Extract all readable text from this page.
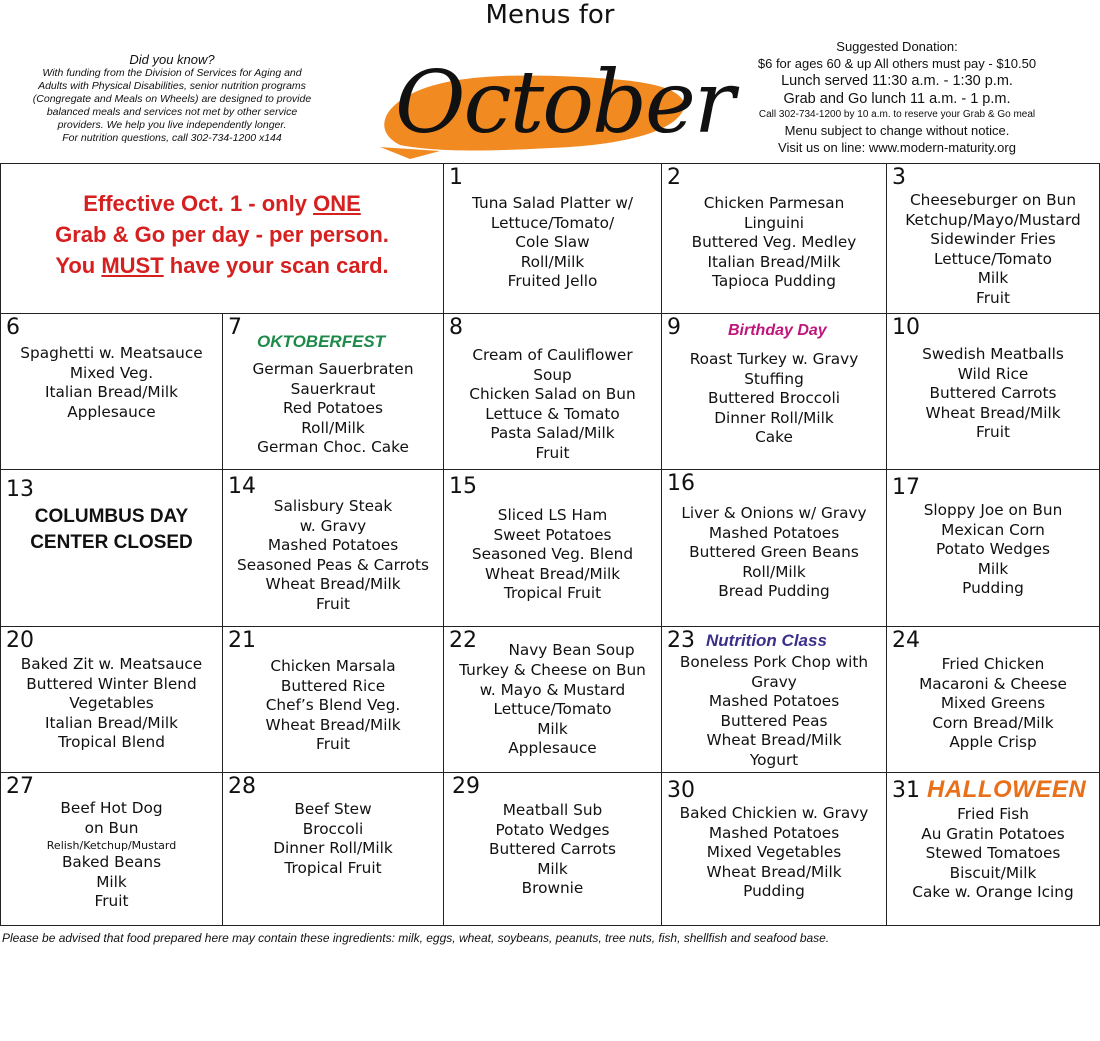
Menus for
October
Did you know?
With funding from the Division of Services for Aging and
Adults with Physical Disabilities, senior nutrition programs
(Congregate and Meals on Wheels) are designed to provide
balanced meals and services not met by other service
providers. We help you live independently longer.
For nutrition questions, call 302-734-1200 x144
Suggested Donation:
$6 for ages 60 & up All others must pay - $10.50
Lunch served 11:30 a.m. - 1:30 p.m.
Grab and Go lunch 11 a.m. - 1 p.m.
Call 302-734-1200 by 10 a.m. to reserve your Grab & Go meal
Menu subject to change without notice.
Visit us on line: www.modern-maturity.org
Effective Oct. 1 - only ONE
Grab & Go per day - per person.
You MUST have your scan card.
1
Tuna Salad Platter w/
Lettuce/Tomato/
Cole Slaw
Roll/Milk
Fruited Jello
2
Chicken Parmesan
Linguini
Buttered Veg. Medley
Italian Bread/Milk
Tapioca Pudding
3
Cheeseburger on Bun
Ketchup/Mayo/Mustard
Sidewinder Fries
Lettuce/Tomato
Milk
Fruit
6
Spaghetti w. Meatsauce
Mixed Veg.
Italian Bread/Milk
Applesauce
7
OKTOBERFEST
German Sauerbraten
Sauerkraut
Red Potatoes
Roll/Milk
German Choc. Cake
8
Cream of Cauliflower
Soup
Chicken Salad on Bun
Lettuce & Tomato
Pasta Salad/Milk
Fruit
9	Birthday Day
Roast Turkey w. Gravy
Stuffing
Buttered Broccoli
Dinner Roll/Milk
Cake
10
Swedish Meatballs
Wild Rice
Buttered Carrots
Wheat Bread/Milk
Fruit
13
COLUMBUS DAY
CENTER CLOSED
14
Salisbury Steak
w. Gravy
Mashed Potatoes
Seasoned Peas & Carrots
Wheat Bread/Milk
Fruit
15
Sliced LS Ham
Sweet Potatoes
Seasoned Veg. Blend
Wheat Bread/Milk
Tropical Fruit
16
Liver & Onions w/ Gravy
Mashed Potatoes
Buttered Green Beans
Roll/Milk
Bread Pudding
17
Sloppy Joe on Bun
Mexican Corn
Potato Wedges
Milk
Pudding
20
Baked Zit w. Meatsauce
Buttered Winter Blend
Vegetables
Italian Bread/Milk
Tropical Blend
21
Chicken Marsala
Buttered Rice
Chef’s Blend Veg.
Wheat Bread/Milk
Fruit
22	Navy Bean Soup
Turkey & Cheese on Bun
w. Mayo & Mustard
Lettuce/Tomato
Milk
Applesauce
23 Nutrition Class
Boneless Pork Chop with
Gravy
Mashed Potatoes
Buttered Peas
Wheat Bread/Milk
Yogurt
24
Fried Chicken
Macaroni & Cheese
Mixed Greens
Corn Bread/Milk
Apple Crisp
27
Beef Hot Dog
on Bun
Relish/Ketchup/Mustard
Baked Beans
Milk
Fruit
28
Beef Stew
Broccoli
Dinner Roll/Milk
Tropical Fruit
29
Meatball Sub
Potato Wedges
Buttered Carrots
Milk
Brownie
30
Baked Chickien w. Gravy
Mashed Potatoes
Mixed Vegetables
Wheat Bread/Milk
Pudding
31 HALLOWEEN
Fried Fish
Au Gratin Potatoes
Stewed Tomatoes
Biscuit/Milk
Cake w. Orange Icing
Please be advised that food prepared here may contain these ingredients: milk, eggs, wheat, soybeans, peanuts, tree nuts, fish, shellfish and seafood base.
